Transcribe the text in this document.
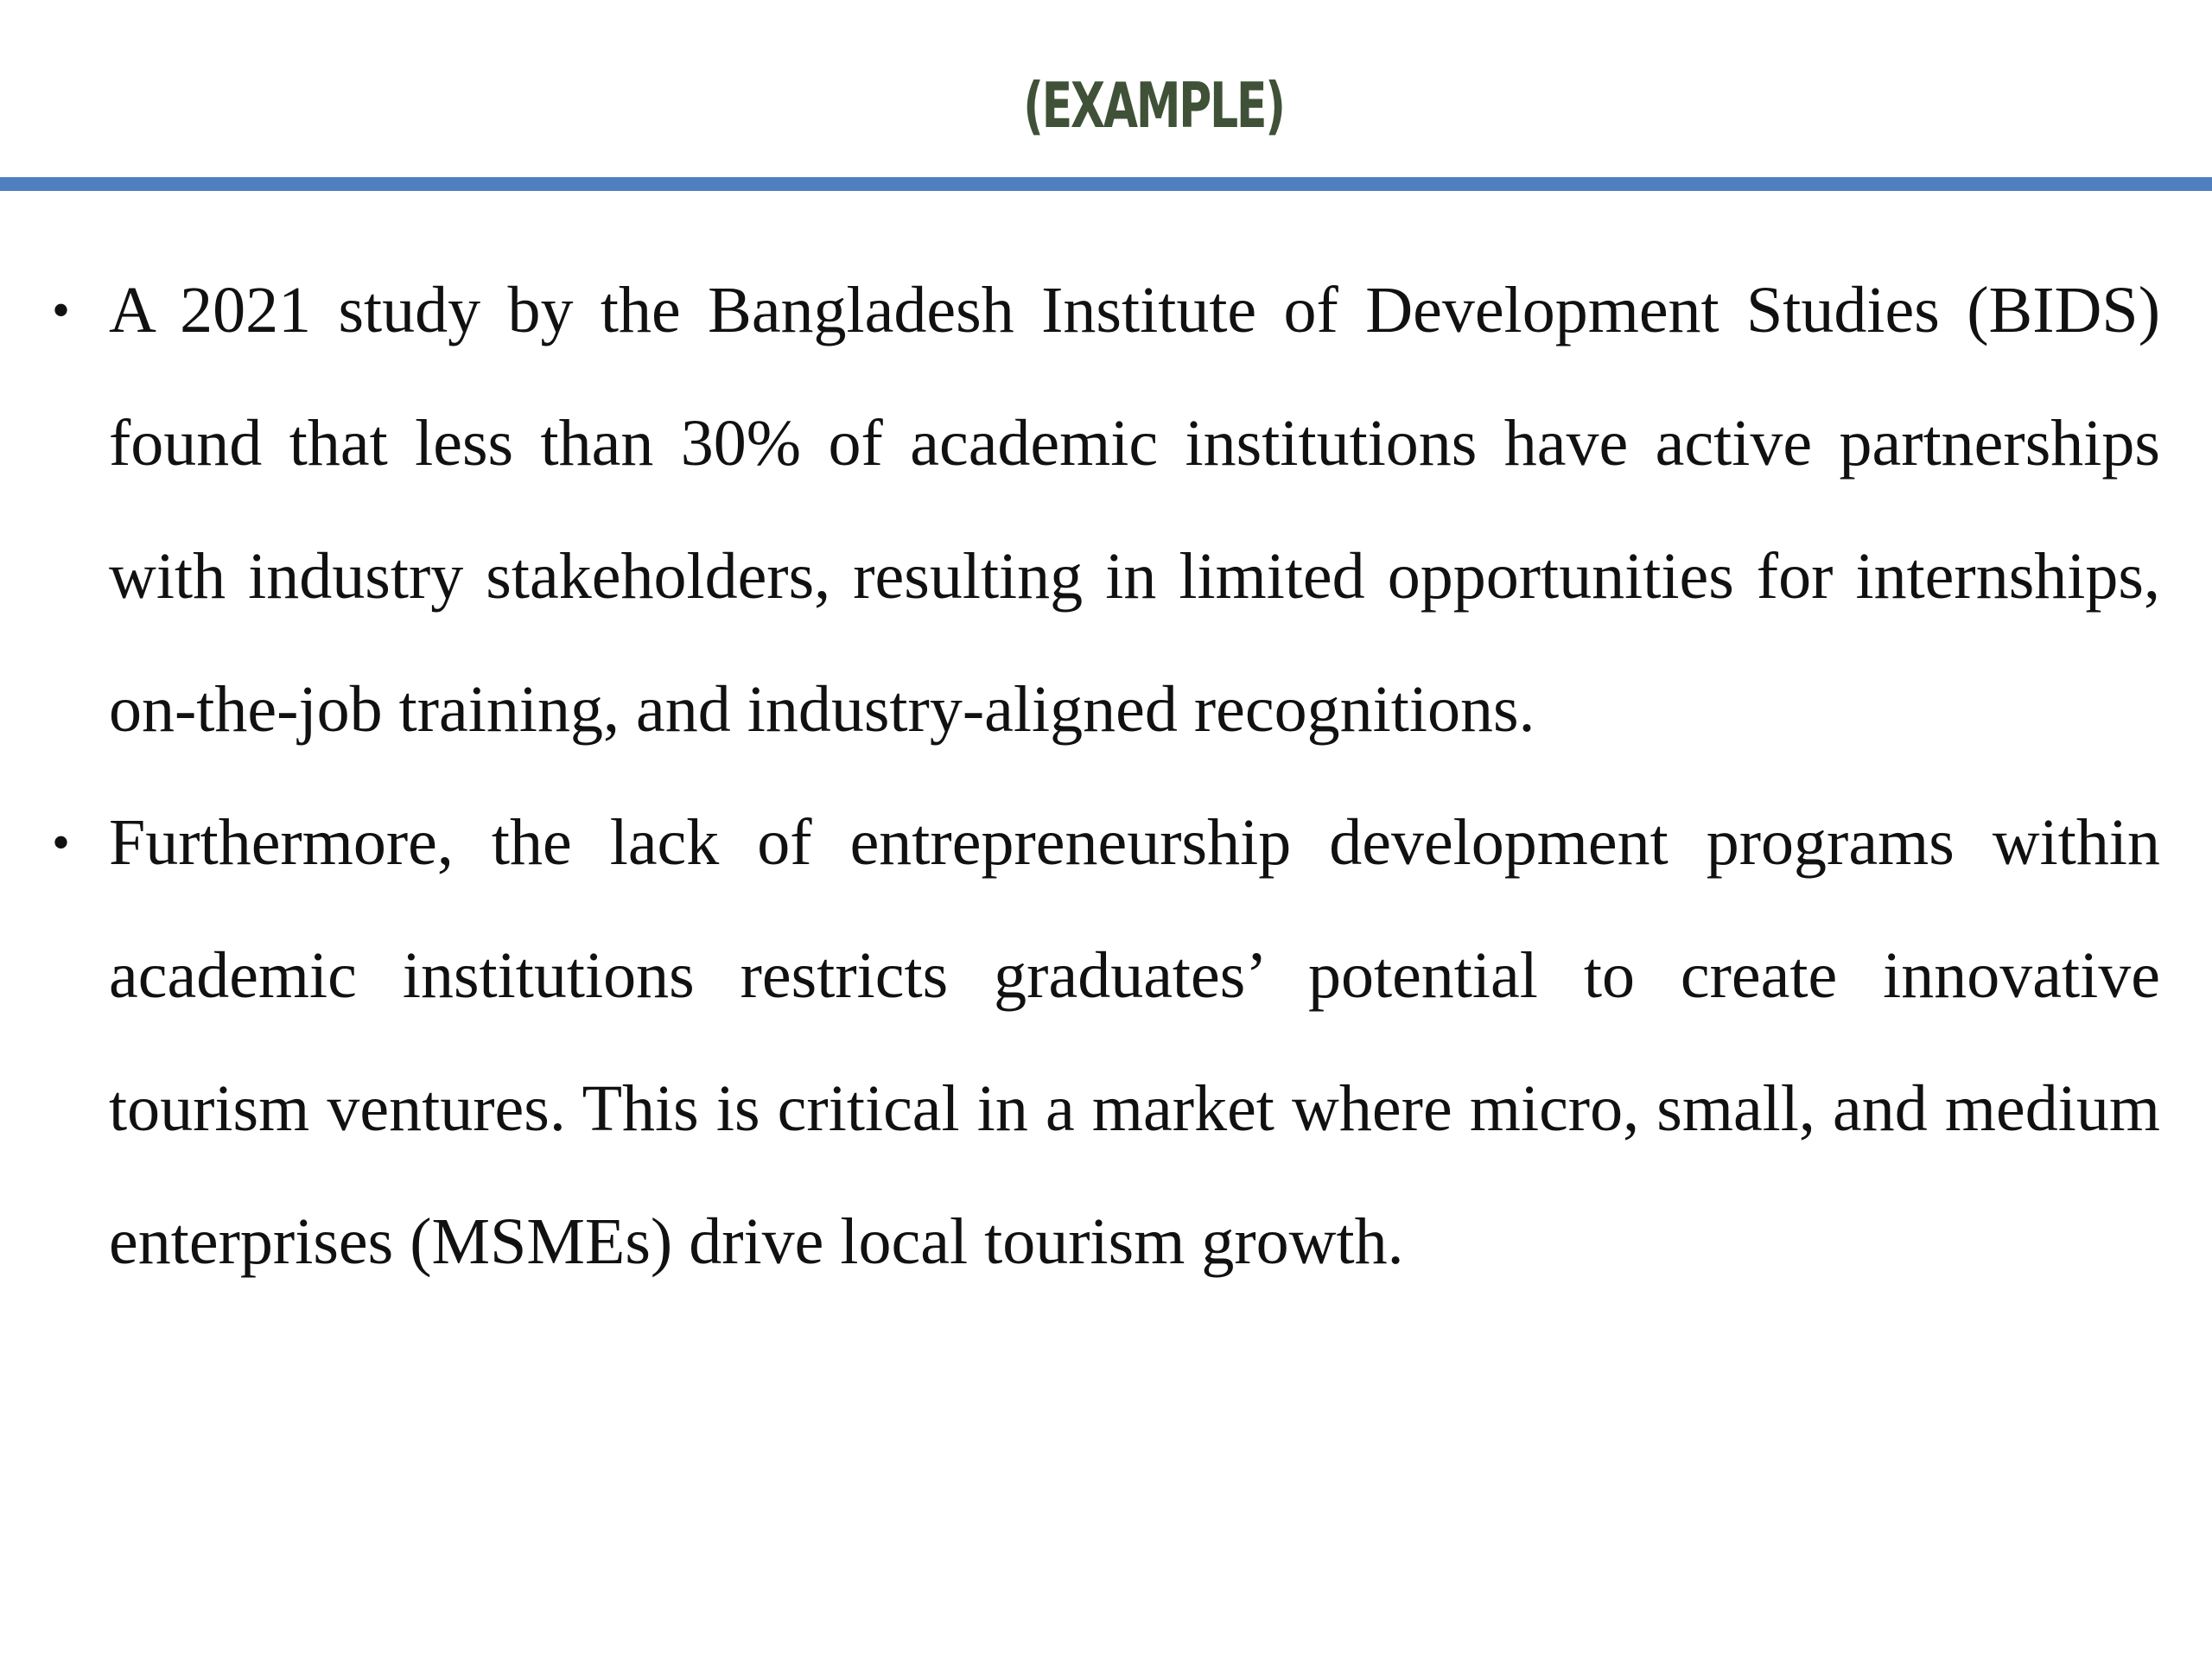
(EXAMPLE)
• A 2021 study by the Bangladesh Institute of Development Studies (BIDS) found that less than 30% of academic institutions have active partnerships with industry stakeholders, resulting in limited opportunities for internships, on-the-job training, and industry-aligned recognitions.
• Furthermore, the lack of entrepreneurship development programs within academic institutions restricts graduates’ potential to create innovative tourism ventures. This is critical in a market where micro, small, and medium enterprises (MSMEs) drive local tourism growth.
